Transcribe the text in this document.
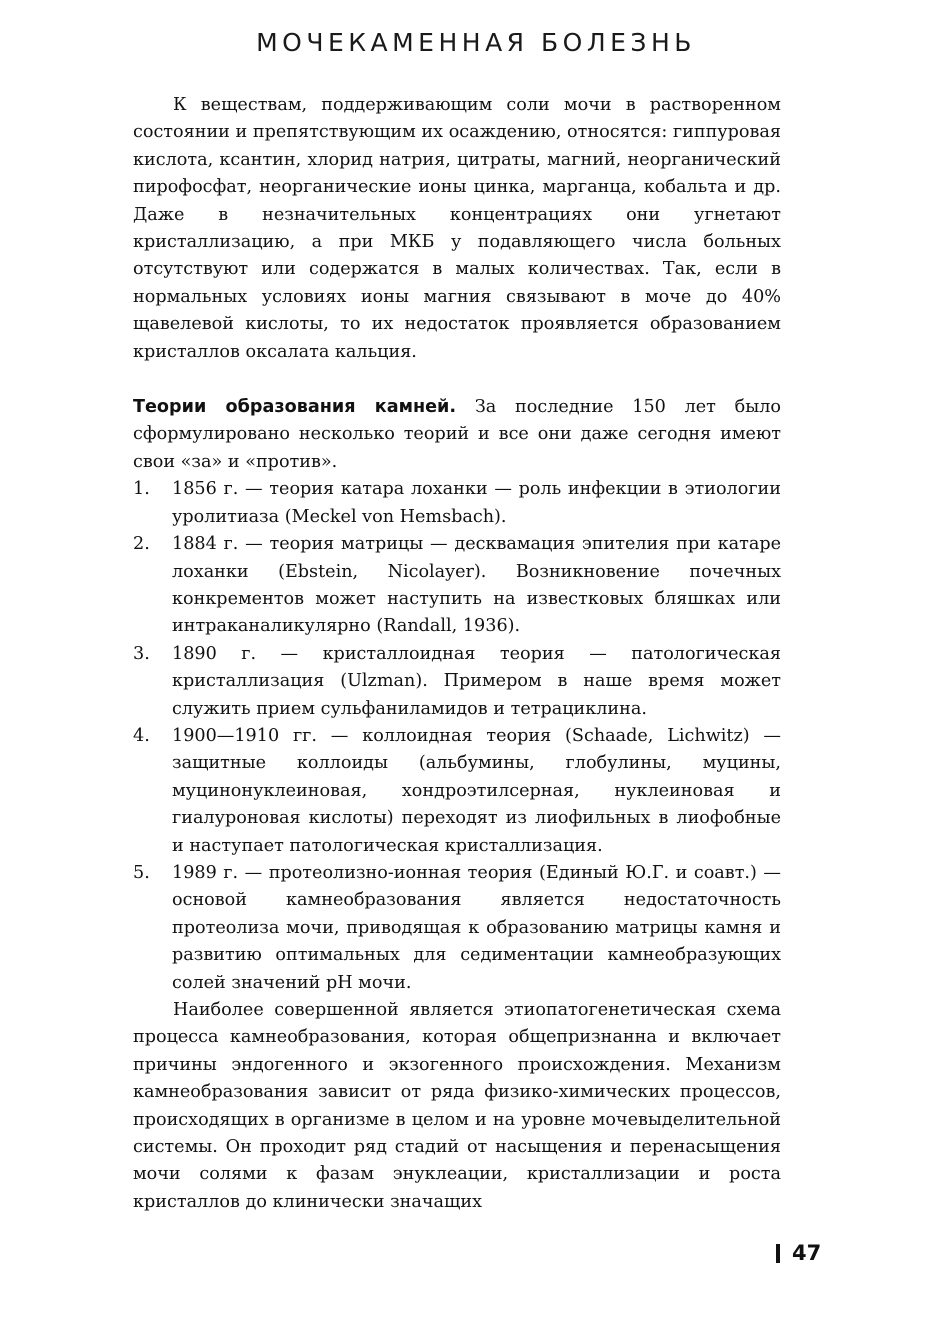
МОЧЕКАМЕННАЯ БОЛЕЗНЬ

К веществам, поддерживающим соли мочи в растворенном состоянии и препятствующим их осаждению, относятся: гиппуровая кислота, ксантин, хлорид натрия, цитраты, магний, неорганический пирофосфат, неорганические ионы цинка, марганца, кобальта и др. Даже в незначительных концентрациях они угнетают кристаллизацию, а при МКБ у подавляющего числа больных отсутствуют или содержатся в малых количествах. Так, если в нормальных условиях ионы магния связывают в моче до 40% щавелевой кислоты, то их недостаток проявляется образованием кристаллов оксалата кальция.

Теории образования камней. За последние 150 лет было сформулировано несколько теорий и все они даже сегодня имеют свои «за» и «против».

1. 1856 г. — теория катара лоханки — роль инфекции в этиологии уролитиаза (Meckel von Hemsbach).
2. 1884 г. — теория матрицы — десквамация эпителия при катаре лоханки (Ebstein, Nicolayer). Возникновение почечных конкрементов может наступить на известковых бляшках или интраканаликулярно (Randall, 1936).
3. 1890 г. — кристаллоидная теория — патологическая кристаллизация (Ulzman). Примером в наше время может служить прием сульфаниламидов и тетрациклина.
4. 1900—1910 гг. — коллоидная теория (Schaade, Lichwitz) — защитные коллоиды (альбумины, глобулины, муцины, муцинонуклеиновая, хондроэтилсерная, нуклеиновая и гиалуроновая кислоты) переходят из лиофильных в лиофобные и наступает патологическая кристаллизация.
5. 1989 г. — протеолизно-ионная теория (Единый Ю.Г. и соавт.) — основой камнеобразования является недостаточность протеолиза мочи, приводящая к образованию матрицы камня и развитию оптимальных для седиментации камнеобразующих солей значений pH мочи.

Наиболее совершенной является этиопатогенетическая схема процесса камнеобразования, которая общепризнанна и включает причины эндогенного и экзогенного происхождения. Механизм камнеобразования зависит от ряда физико-химических процессов, происходящих в организме в целом и на уровне мочевыделительной системы. Он проходит ряд стадий от насыщения и перенасыщения мочи солями к фазам энуклеации, кристаллизации и роста кристаллов до клинически значащих

47
